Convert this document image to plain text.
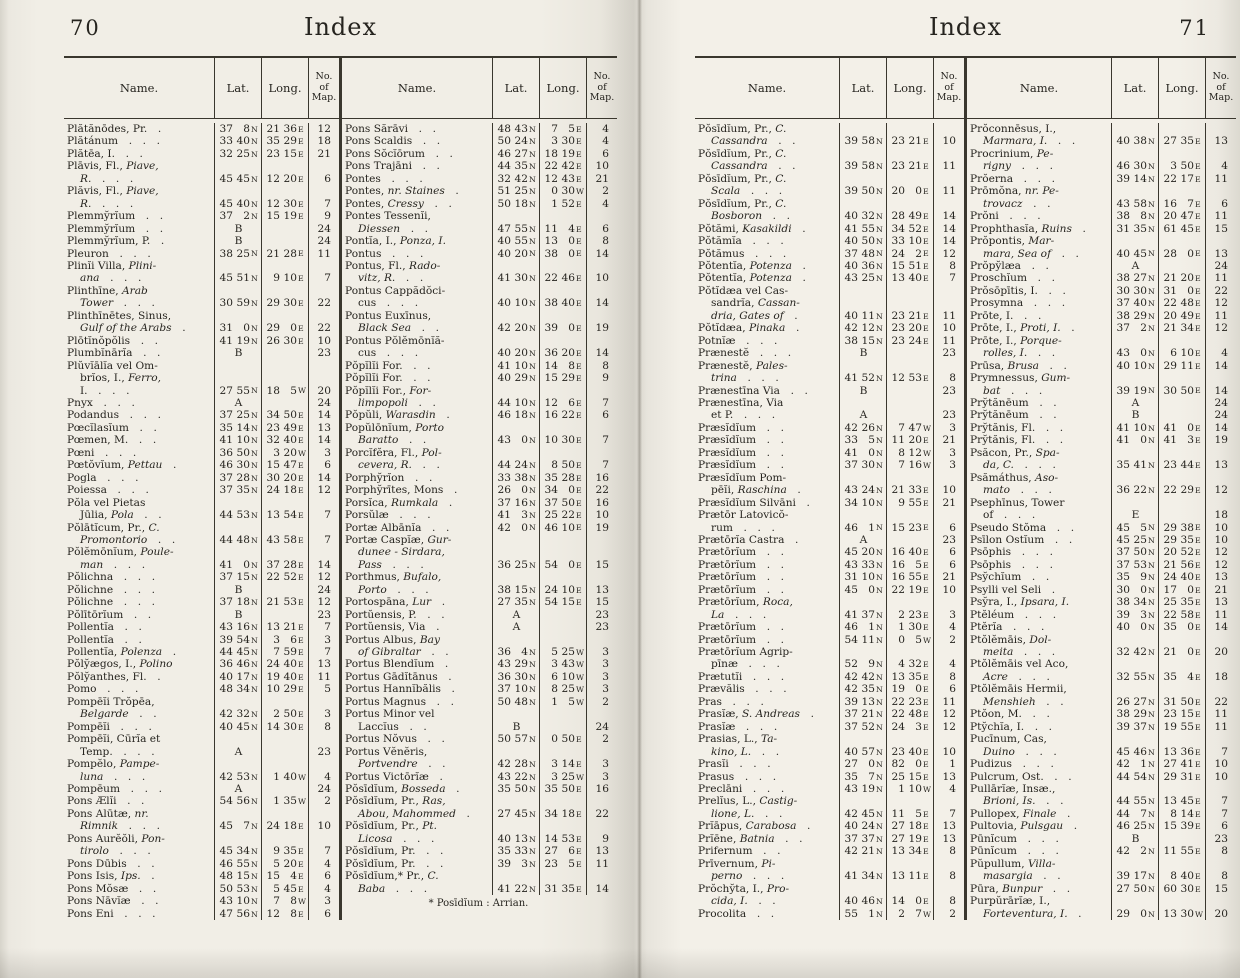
70	Index
Name.	Lat.	Long.
No.
of
Map.
Plătănōdes, Pr.  .	37 8 N 21 36 E	12
Plătánum  .  .  .	33 40 N 35 29 E	18
Plătēa, I.  .  .	32 25 N 23 15 E	21
Plāvis, Fl., Piave,
R.  .  .  .	45 45 N 12 20 E	6
Plăvis, Fl., Piave,
R.  .  .  .	45 40 N 12 30 E	7
Plemmy̆rĭum  .  .	37 2 N 15 19 E	9
Plemmy̆rĭum  .  .	B	24
Plemmy̆rĭum, P.  .	B	24
Pleuron  .  .  .	38 25 N 21 28 E	11
Plinĭi Villa, Plini-
ana  .  .  .	45 51 N	9 10 E	7
Plinthīne, Arab
Tower  .  .  .	30 59 N 29 30 E	22
Plinthīnētes, Sinus,
Gulf of the Arabs  .	31 0 N 29 0 E	22
Plōtĭnŏpŏlis  .  .	41 19 N 26 30 E	10
Plumbĭnārĭa  .  .	B	23
Plŭvĭālĭa vel Om-
brĭos, I., Ferro,
I.  .  .  .	27 55 N 18 5 W	20
Pnyx  .  .  .	A	24
Podandus  .  .  .	37 25 N 34 50 E	14
Pœcĭlasĭum  .  .	35 14 N 23 49 E	13
Pœmen, M.  .  .	41 10 N 32 40 E	14
Pœni  .  .  .	36 50 N	3 20 W	3
Pœtŏvĭum, Pettau  .	46 30 N 15 47 E	6
Pogla  .  .  .	37 28 N 30 20 E	14
Poiessa  .  .  .	37 35 N 24 18 E	12
Pŏla vel Pietas
Jūlia, Pola  .  .	44 53 N 13 54 E	7
Pŏlātĭcum, Pr., C.
Promontorio  .  .	44 48 N 43 58 E	7
Pŏlĕmōnĭum, Poule-
man  .  .  .	41 0 N 37 28 E	14
Pŏlichna  .  .  .	37 15 N 22 52 E	12
Pŏlichne  .  .  .	B	24
Pŏlichne  .  .  .	37 18 N 21 53 E	12
Pŏlītōrĭum  .  .	B	23
Pollentĭa  .  .	43 16 N 13 21 E	7
Pollentĭa  .  .	39 54 N	3 6 E	3
Pollentĭa, Polenza  .	44 45 N	7 59 E	7
Pŏly̆ægos, I., Polino	36 46 N 24 40 E	13
Pŏly̆anthes, Fl.  .	40 17 N 19 40 E	11
Pomo  .  .  .	48 34 N 10 29 E	5
Pompēĭi Trŏpēa,
Belgarde  .  .	42 32 N	2 50 E	3
Pompēĭi  .  .  .	40 45 N 14 30 E	8
Pompēĭi, Cūrĭa et
Temp.  .  .  .	A	23
Pompĕlo, Pampe-
luna  .  .  .	42 53 N	1 40 W	4
Pompēum  .  .  .	A	24
Pons Ælĭi  .  .	54 56 N	1 35 W	2
Pons Alūtæ, nr.
Rimnik  .  .  .	45 7 N 24 18 E	10
Pons Aurĕŏli, Pon-
tirolo  .  .  .	45 34 N	9 35 E	7
Pons Dūbis  .  .	46 55 N	5 20 E	4
Pons Isis, Ips.  .	48 15 N 15 4 E	6
Pons Mŏsæ  .  .	50 53 N	5 45 E	4
Pons Nāvĭæ  .  .	43 10 N	7 8 W	3
Pons Eni  .  .  .	47 56 N 12 8 E	6
Name.	Lat.	Long.
No.
of
Map.
Pons Sărāvi  .  .	48 43 N	7 5 E	4
Pons Scaldis  .  .	50 24 N	3 30 E	4
Pons Sŏcĭōrum  .  .	46 27 N 18 19 E	6
Pons Trajāni  .  .	44 35 N 22 42 E	10
Pontes  .  .  .	32 42 N 12 43 E	21
Pontes, nr. Staines  .	51 25 N	0 30 W	2
Pontes, Cressy  .  .	50 18 N	1 52 E	4
Pontes Tessenĭi,
Diessen  .  .	47 55 N 11 4 E	6
Pontĭa, I., Ponza, I.	40 55 N 13 0 E	8
Pontus  .  .  .	40 20 N 38 0 E	14
Pontus, Fl., Rado-
vitz, R.  .  .	41 30 N 22 46 E	10
Pontus Cappădŏci-
cus  .  .  .	40 10 N 38 40 E	14
Pontus Euxīnus,
Black Sea  .  .	42 20 N 39 0 E	19
Pontus Pŏlĕmōnĭă-
cus  .  .  .	40 20 N 36 20 E	14
Pŏpĭlĭi For.  .  .	41 10 N 14 8 E	8
Pŏpĭlĭi For.  .  .	40 29 N 15 29 E	9
Pŏpĭlĭi For., For-
limpopoli  .  .	44 10 N 12 6 E	7
Pŏpŭli, Warasdin  .	46 18 N 16 22 E	6
Popŭlōnĭum, Porto
Baratto  .  .	43 0 N 10 30 E	7
Porcĭfĕra, Fl., Pol-
cevera, R.  .  .	44 24 N	8 50 E	7
Porphy̆rĭon  .  .	33 38 N 35 28 E	16
Porphy̆rītes, Mons  .	26 0 N 34 0 E	22
Porsĭca, Rumkala  .	37 16 N 37 50 E	16
Porsŭlæ  .  .  .	41 3 N 25 22 E	10
Portæ Albānĭa  .  .	42 0 N 46 10 E	19
Portæ Caspĭæ, Gur-
dunee - Sirdara,
Pass  .  .  .	36 25 N 54 0 E	15
Porthmus, Bufalo,
Porto  .  .  .	38 15 N 24 10 E	13
Portospāna, Lur  .	27 35 N 54 15 E	15
Portŭensis, P.  .  .	A	23
Portŭensis, Via  .	A	23
Portus Albus, Bay
of Gibraltar  .  .	36 4 N	5 25 W	3
Portus Blendĭum  .	43 29 N	3 43 W	3
Portus Gādĭtānus  .	36 30 N	6 10 W	3
Portus Hannĭbălis  .	37 10 N	8 25 W	3
Portus Magnus  .  .	50 48 N	1 5 W	2
Portus Minor vel
Laccĭus  .  .	B	24
Portus Nŏvus  .  .	50 57 N	0 50 E	2
Portus Vĕnĕris,
Portvendre  .  .	42 28 N	3 14 E	3
Portus Victōrĭæ  .	43 22 N	3 25 W	3
Pŏsīdĭum, Bosseda  .	35 50 N 35 50 E	16
Pŏsīdĭum, Pr., Ras,
Abou, Mahommed  .	27 45 N 34 18 E	22
Pŏsīdĭum, Pr., Pt.
Licosa  .  .  .	40 13 N 14 53 E	9
Pŏsīdĭum, Pr.  .  .	35 33 N 27 6 E	13
Pŏsīdĭum, Pr.  .  .	39 3 N 23 5 E	11
Pŏsīdĭum,* Pr., C.
Baba  .  .  .	41 22 N 31 35 E	14
* Posīdĭum : Arrian.
Index	71
Name.	Lat.	Long.
No.
of
Map.
Pŏsīdĭum, Pr., C.
Cassandra  .  .	39 58 N 23 21 E	10
Pŏsīdĭum, Pr., C.
Cassandra  .  .	39 58 N 23 21 E	11
Pŏsīdĭum, Pr., C.
Scala  .  .  .	39 50 N 20 0 E	11
Pŏsīdĭum, Pr., C.
Bosboron  .  .	40 32 N 28 49 E	14
Pŏtămi, Kasakildi  .	41 55 N 34 52 E	14
Pŏtămĭa  .  .  .	40 50 N 33 10 E	14
Pŏtămus  .  .  .	37 48 N 24 2 E	12
Pŏtentĭa, Potenza  .	40 36 N 15 51 E	8
Pŏtentĭa, Potenza  .	43 25 N 13 40 E	7
Pŏtĭdæa vel Cas-
sandrĭa, Cassan-
dria, Gates of  .	40 11 N 23 21 E	11
Pŏtĭdæa, Pinaka  .	42 12 N 23 20 E	10
Potnĭæ  .  .  .	38 15 N 23 24 E	11
Prænestĕ  .  .  .	B	23
Prænestĕ, Pales-
trina  .  .  .	41 52 N 12 53 E	8
Prænestīna Via  .  .	B	23
Prænestīna, Via
et P.  .  .  .	A	23
Præsĭdĭum  .  .	42 26 N	7 47 W	3
Præsĭdĭum  .  .	33 5 N 11 20 E	21
Præsĭdĭum  .  .	41 0 N	8 12 W	3
Præsĭdĭum  .  .	37 30 N	7 16 W	3
Præsĭdĭum Pom-
pēĭi, Raschina  .	43 24 N 21 33 E	10
Præsĭdĭum Silvāni  .	34 10 N	9 55 E	21
Prætōr Latovicŏ-
rum  .  .  .	46 1 N 15 23 E	6
Prætōrĭa Castra  .	A	23
Prætōrĭum  .  .	45 20 N 16 40 E	6
Prætōrĭum  .  .	43 33 N 16 5 E	6
Prætōrĭum  .  .	31 10 N 16 55 E	21
Prætōrĭum  .  .	45 0 N 22 19 E	10
Prætōrĭum, Roca,
La  .  .  .	41 37 N	2 23 E	3
Prætōrĭum  .  .	46 1 N	1 30 E	4
Prætōrĭum  .  .	54 11 N	0 5 W	2
Prætōrĭum Agrip-
pīnæ  .  .  .	52 9 N	4 32 E	4
Prætutĭi  .  .  .	42 42 N 13 35 E	8
Prævălis  .  .  .	42 35 N 19 0 E	6
Pras  .  .  .	39 13 N 22 23 E	11
Prasĭæ, S. Andreas  .	37 21 N 22 48 E	12
Prasĭæ  .  .  .	37 52 N 24 3 E	12
Prasias, L., Ta-
kino, L.  .  .	40 57 N 23 40 E	10
Prasĭi  .  .  .	27 0 N 82 0 E	1
Prasus  .  .  .	35 7 N 25 15 E	13
Preclāni  .  .  .	43 19 N	1 10 W	4
Prelĭus, L., Castig-
lione, L.  .  .	42 45 N 11 5 E	7
Prĭāpus, Carabosa  .	40 24 N 27 18 E	13
Prĭēne, Batnia  .  .	37 37 N 27 19 E	13
Prifernum  .  .	42 21 N 13 34 E	8
Prīvernum, Pi-
perno  .  .  .	41 34 N 13 11 E	8
Prŏchy̆ta, I., Pro-
cida, I.  .  .	40 46 N 14 0 E	8
Procolita  .  .	55 1 N	2 7 W	2
Name.	Lat.	Long.
No.
of
Map.
Prŏconnēsus, I.,
Marmara, I.  .  .	40 38 N 27 35 E	13
Procrinium, Pe-
rigny  .  .  .	46 30 N	3 50 E	4
Prŏerna  .  .  .	39 14 N 22 17 E	11
Prōmŏna, nr. Pe-
trovacz  .  .	43 58 N 16 7 E	6
Prŏni  .  .  .	38 8 N 20 47 E	11
Prophthasĭa, Ruins  .	31 35 N 61 45 E	15
Prŏpontis, Mar-
mara, Sea of  .  .	40 45 N 28 0 E	13
Prŏpy̆læa  .  .	A	24
Proschĭum  .  .	38 27 N 21 20 E	11
Prŏsōpītis, I.  .  .	30 30 N 31 0 E	22
Prosymna  .  .  .	37 40 N 22 48 E	12
Prōte, I.  .  .	38 29 N 20 49 E	11
Prōte, I., Proti, I.  .	37 2 N 21 34 E	12
Prōte, I., Porque-
rolles, I.  .  .	43 0 N	6 10 E	4
Prūsa, Brusa  .  .	40 10 N 29 11 E	14
Prymnessus, Gum-
bat  .  .  .	39 19 N 30 50 E	14
Pry̆tănēum  .  .	A	24
Pry̆tănēum  .  .	B	24
Pry̆tănis, Fl.  .  .	41 10 N 41 0 E	14
Pry̆tănis, Fl.  .  .	41 0 N 41 3 E	19
Psăcon, Pr., Spa-
da, C.  .  .  .	35 41 N 23 44 E	13
Psămáthus, Aso-
mato  .  .  .	36 22 N 22 29 E	12
Psephīnus, Tower
of  .  .  .	E	18
Pseudo Stŏma  .  .	45 5 N 29 38 E	10
Psīlon Ostĭum  .  .	45 25 N 29 35 E	10
Psōphis  .  .  .	37 50 N 20 52 E	12
Psōphis  .  .  .	37 53 N 21 56 E	12
Psy̆chĭum  .  .	35 9 N 24 40 E	13
Psylli vel Seli  .	30 0 N 17 0 E	21
Psy̆ra, I., Ipsara, I.	38 34 N 25 35 E	13
Ptĕléum  .  .  .	39 3 N 22 58 E	11
Ptĕrĭa  .  .  .	40 0 N 35 0 E	14
Ptŏlĕmāis, Dol-
meita  .  .  .	32 42 N 21 0 E	20
Ptŏlĕmāis vel Aco,
Acre  .  .  .	32 55 N 35 4 E	18
Ptŏlĕmāis Hermii,
Menshieh  .  .	26 27 N 31 50 E	22
Ptŏon, M.  .  .	38 29 N 23 15 E	11
Pty̆chĭa, I.  .  .	39 37 N 19 55 E	11
Pucīnum, Cas,
Duino  .  .  .	45 46 N 13 36 E	7
Pudizus  .  .  .	42 1 N 27 41 E	10
Pulcrum, Ost.  .  .	44 54 N 29 31 E	10
Pullārĭæ, Insæ.,
Brioni, Is.  .  .	44 55 N 13 45 E	7
Pullopex, Finale  .	44 7 N	8 14 E	7
Pultovia, Pulsgau  .	46 25 N 15 39 E	6
Pūnĭcum  .  .  .	B	23
Pūnĭcum  .  .  .	42 2 N 11 55 E	8
Pŭpullum, Villa-
masargia  .  .	39 17 N	8 40 E	8
Pūra, Bunpur  .  .	27 50 N 60 30 E	15
Purpŭrārĭæ, I.,
Forteventura, I.  .	29 0 N 13 30 W	20
